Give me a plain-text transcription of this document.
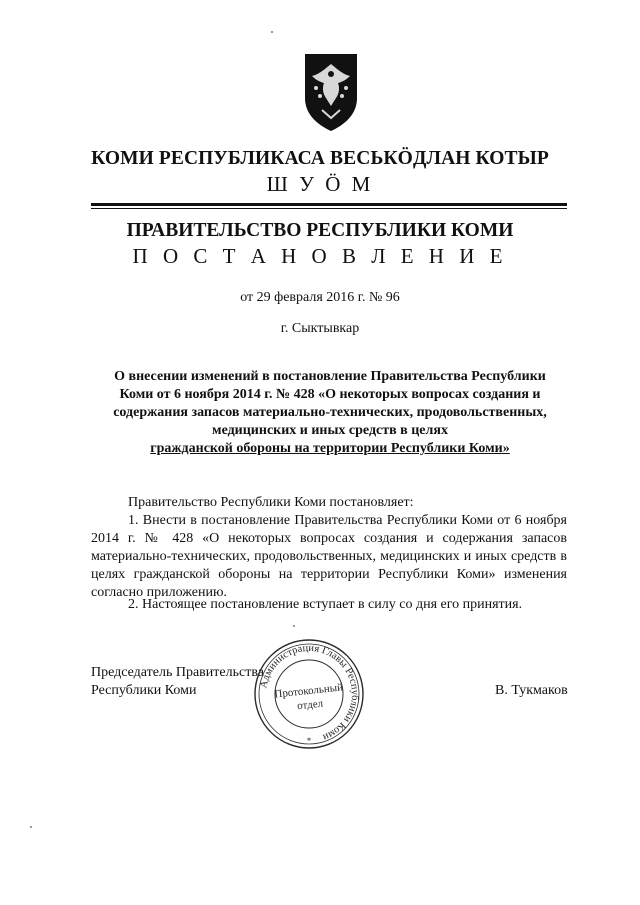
КОМИ РЕСПУБЛИКАСА ВЕСЬКӦДЛАН КОТЫР
Ш У Ӧ М
ПРАВИТЕЛЬСТВО РЕСПУБЛИКИ КОМИ
П О С Т А Н О В Л Е Н И Е
от 29 февраля 2016 г. № 96
г. Сыктывкар
О внесении изменений в постановление Правительства Республики Коми от 6 ноября 2014 г. № 428 «О некоторых вопросах создания и содержания запасов материально-технических, продовольственных, медицинских и иных средств в целях
гражданской обороны на территории Республики Коми»
Правительство Республики Коми постановляет:
1. Внести в постановление Правительства Республики Коми от 6 ноября 2014 г. № 428 «О некоторых вопросах создания и содержания запасов материально-технических, продовольственных, медицинских и иных средств в целях гражданской обороны на территории Республики Коми» изменения согласно приложению.
2. Настоящее постановление вступает в силу со дня его принятия.
Председатель Правительства
Республики Коми	В. Тукмаков
Администрация Главы Республики Коми
Протокольный
отдел
*
